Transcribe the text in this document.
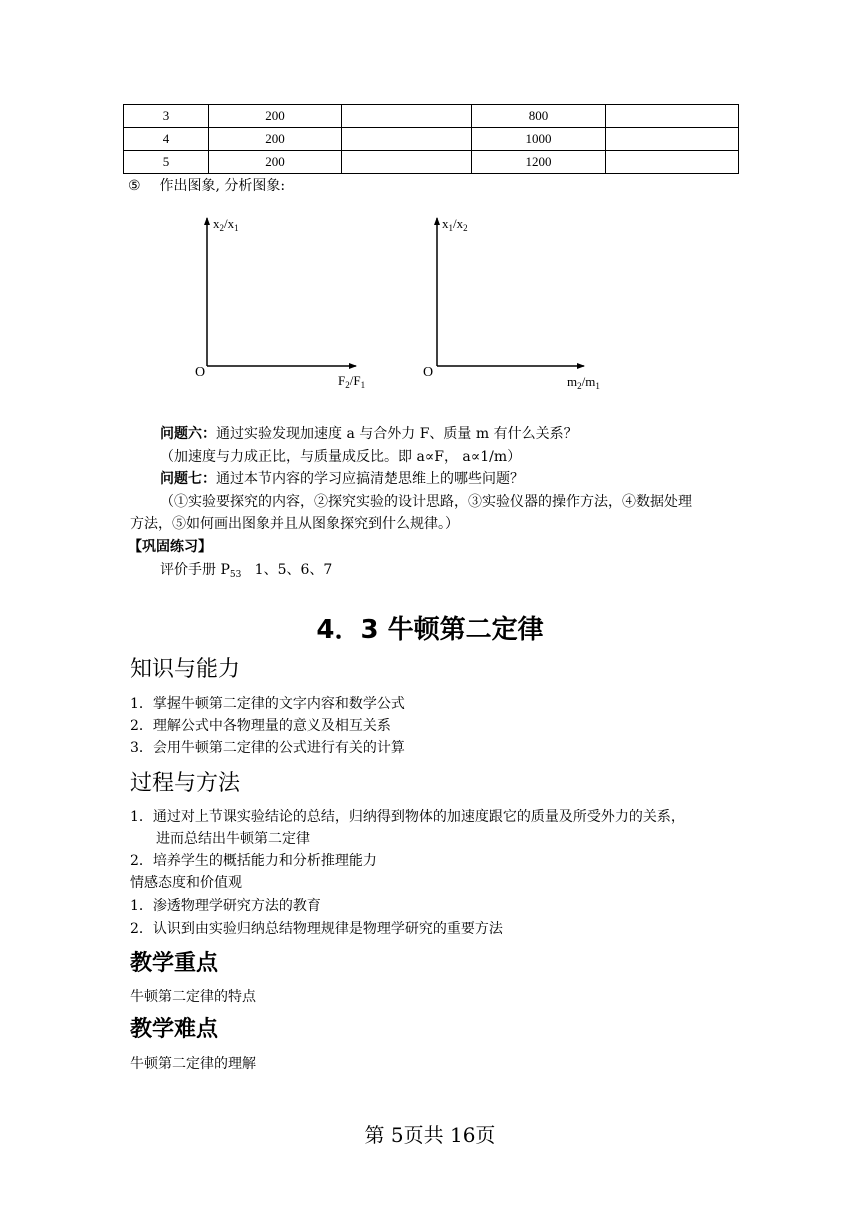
3	200		800	
4	200		1000	
5	200		1200	
⑤ 作出图象, 分析图象:
$x_2/x_1$
O
$F_2/F_1$
$x_1/x_2$
O
$m_2/m_1$
问题六：通过实验发现加速度 a 与合外力 F、质量 m 有什么关系？
（加速度与力成正比，与质量成反比。即 a∝F， a∝1/m）
问题七：通过本节内容的学习应搞清楚思维上的哪些问题？
（①实验要探究的内容，②探究实验的设计思路，③实验仪器的操作方法，④数据处理
方法，⑤如何画出图象并且从图象探究到什么规律。）
【巩固练习】
评价手册 $P_{53}$   1、5、6、7
4．3 牛顿第二定律
知识与能力
1．掌握牛顿第二定律的文字内容和数学公式
2．理解公式中各物理量的意义及相互关系
3．会用牛顿第二定律的公式进行有关的计算
过程与方法
1．通过对上节课实验结论的总结，归纳得到物体的加速度跟它的质量及所受外力的关系，
进而总结出牛顿第二定律
2．培养学生的概括能力和分析推理能力
情感态度和价值观
1．渗透物理学研究方法的教育
2．认识到由实验归纳总结物理规律是物理学研究的重要方法
教学重点
牛顿第二定律的特点
教学难点
牛顿第二定律的理解
第 5页共 16页
